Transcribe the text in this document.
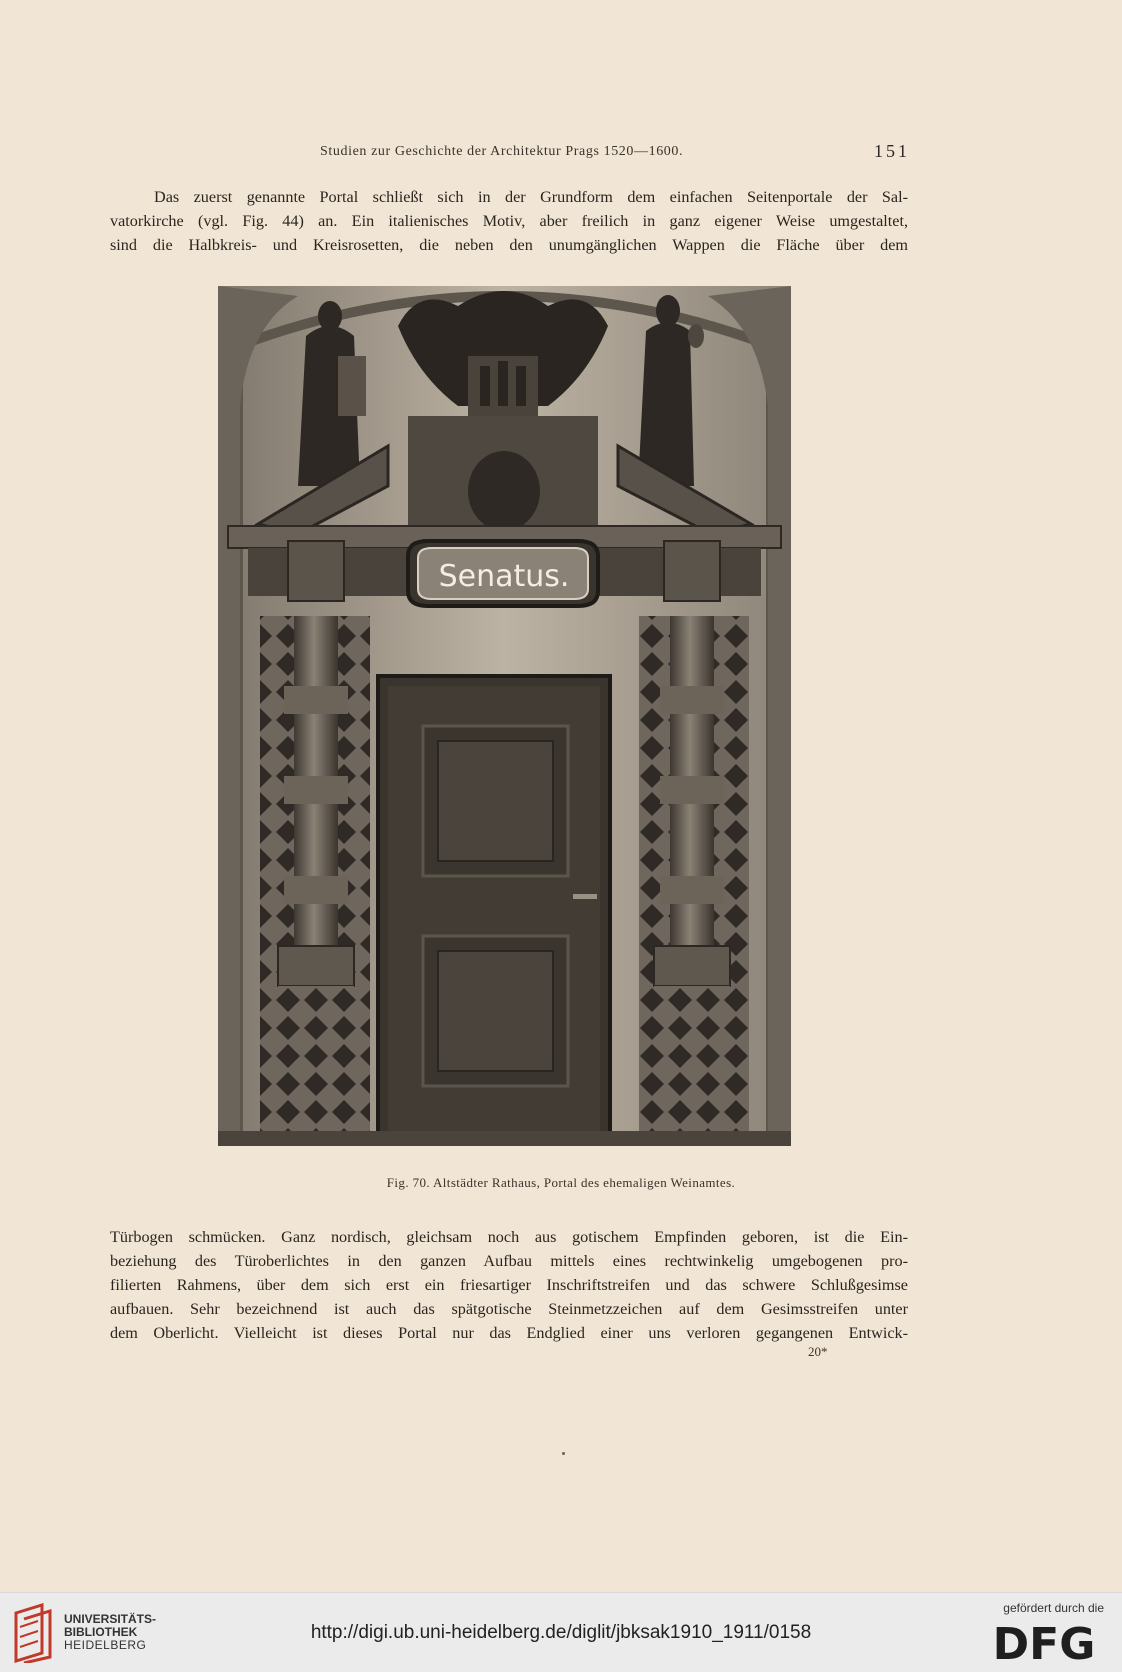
Studien zur Geschichte der Architektur Prags 1520—1600.	151
Das zuerst genannte Portal schließt sich in der Grundform dem einfachen Seitenportale der Sal-
vatorkirche (vgl. Fig. 44) an. Ein italienisches Motiv, aber freilich in ganz eigener Weise umgestaltet,
sind die Halbkreis- und Kreisrosetten, die neben den unumgänglichen Wappen die Fläche über dem
Senatus.
Fig. 70. Altstädter Rathaus, Portal des ehemaligen Weinamtes.
Türbogen schmücken. Ganz nordisch, gleichsam noch aus gotischem Empfinden geboren, ist die Ein-
beziehung des Türoberlichtes in den ganzen Aufbau mittels eines rechtwinkelig umgebogenen pro-
filierten Rahmens, über dem sich erst ein friesartiger Inschriftstreifen und das schwere Schlußgesimse
aufbauen. Sehr bezeichnend ist auch das spätgotische Steinmetzzeichen auf dem Gesimsstreifen unter
dem Oberlicht. Vielleicht ist dieses Portal nur das Endglied einer uns verloren gegangenen Entwick-
20*
UNIVERSITÄTS-
BIBLIOTHEK
HEIDELBERG
http://digi.ub.uni-heidelberg.de/diglit/jbksak1910_1911/0158
gefördert durch die
DFG
